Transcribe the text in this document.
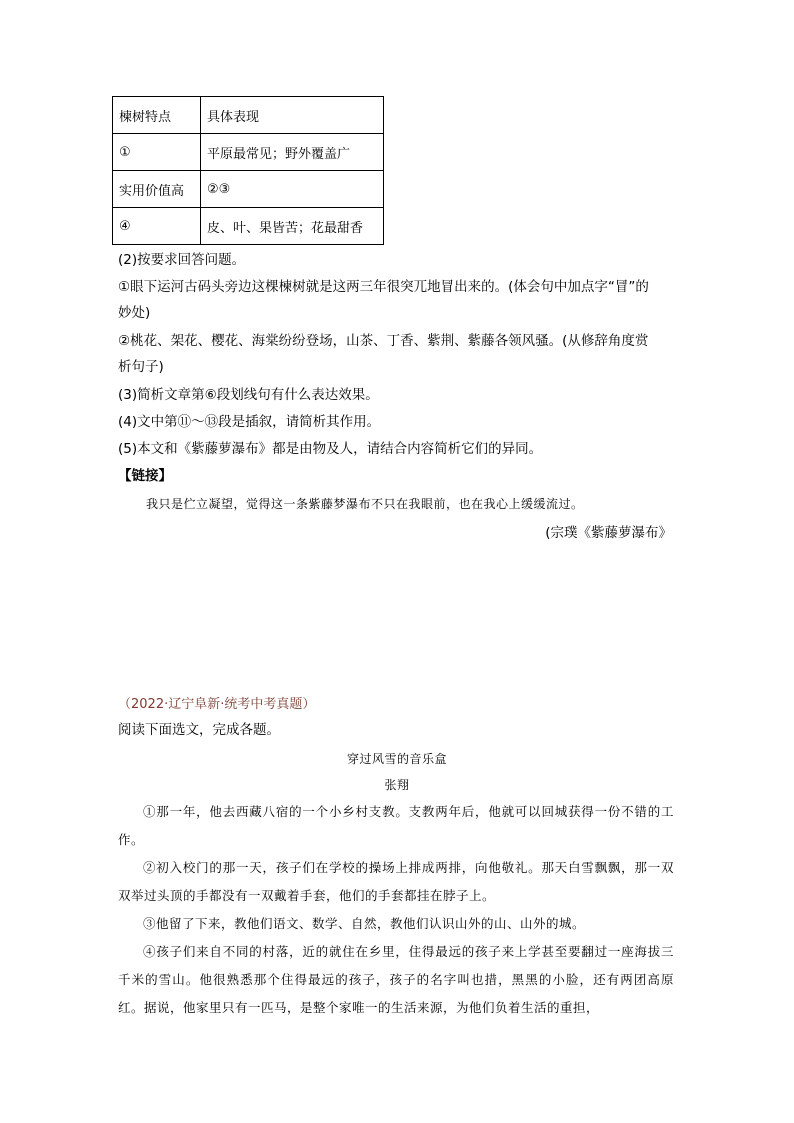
楝树特点	具体表现
①	平原最常见；野外覆盖广
实用价值高	②③
④	皮、叶、果皆苦；花最甜香
(2)按要求回答问题。
①眼下运河古码头旁边这棵楝树就是这两三年很突兀地冒出来的。(体会句中加点字“冒”的
妙处)
②桃花、架花、樱花、海棠纷纷登场，山茶、丁香、紫荆、紫藤各领风骚。(从修辞角度赏
析句子)
(3)简析文章第⑥段划线句有什么表达效果。
(4)文中第⑪～⑬段是插叙，请简析其作用。
(5)本文和《紫藤萝瀑布》都是由物及人，请结合内容简析它们的异同。
【链接】
我只是伫立凝望，觉得这一条紫藤梦瀑布不只在我眼前，也在我心上缓缓流过。
(宗璞《紫藤萝瀑布》
（2022·辽宁阜新·统考中考真题）
阅读下面选文，完成各题。
穿过风雪的音乐盒
张翔
①那一年，他去西藏八宿的一个小乡村支教。支教两年后，他就可以回城获得一份不错的工作。
②初入校门的那一天，孩子们在学校的操场上排成两排，向他敬礼。那天白雪飘飘，那一双双举过头顶的手都没有一双戴着手套，他们的手套都挂在脖子上。
③他留了下来，教他们语文、数学、自然，教他们认识山外的山、山外的城。
④孩子们来自不同的村落，近的就住在乡里，住得最远的孩子来上学甚至要翻过一座海拔三千米的雪山。他很熟悉那个住得最远的孩子，孩子的名字叫也措，黑黑的小脸，还有两团高原红。据说，他家里只有一匹马，是整个家唯一的生活来源，为他们负着生活的重担，
